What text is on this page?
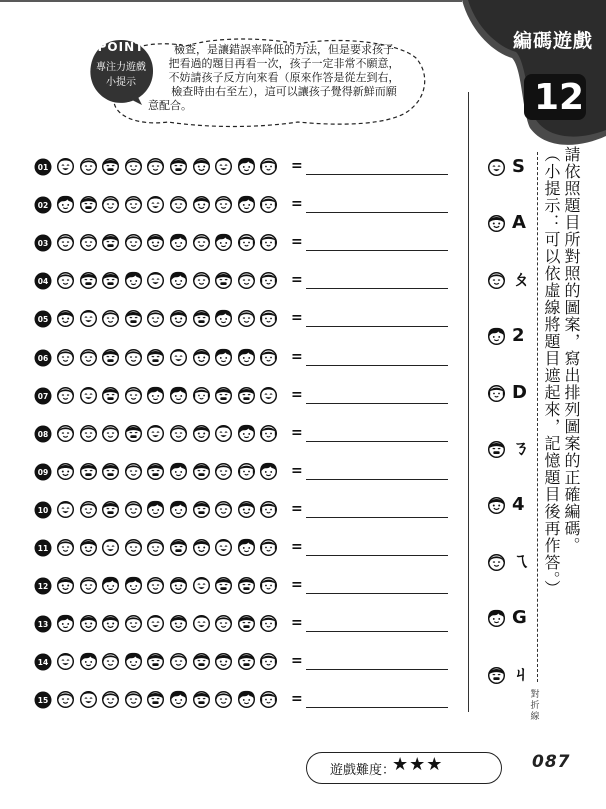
編碼遊戲
12
POINT
專注力遊戲
小提示
檢查，是讓錯誤率降低的方法，但是要求孩子
把看過的題目再看一次，孩子一定非常不願意，
不妨請孩子反方向來看（原來作答是從左到右，
檢查時由右至左），這可以讓孩子覺得新鮮而願
意配合。
01	=
02	=
03	=
04	=
05	=
06	=
07	=
08	=
09	=
10	=
11	=
12	=
13	=
14	=
15	=	對折線
S
A
ㄆ
2
D
ㄋ
4
ㄟ
G
ㄐ
請依照題目所對照的圖案，寫出排列圖案的正確編碼。
（小提示：可以依虛線將題目遮起來，記憶題目後再作答。）
遊戲難度：
★★★	087
